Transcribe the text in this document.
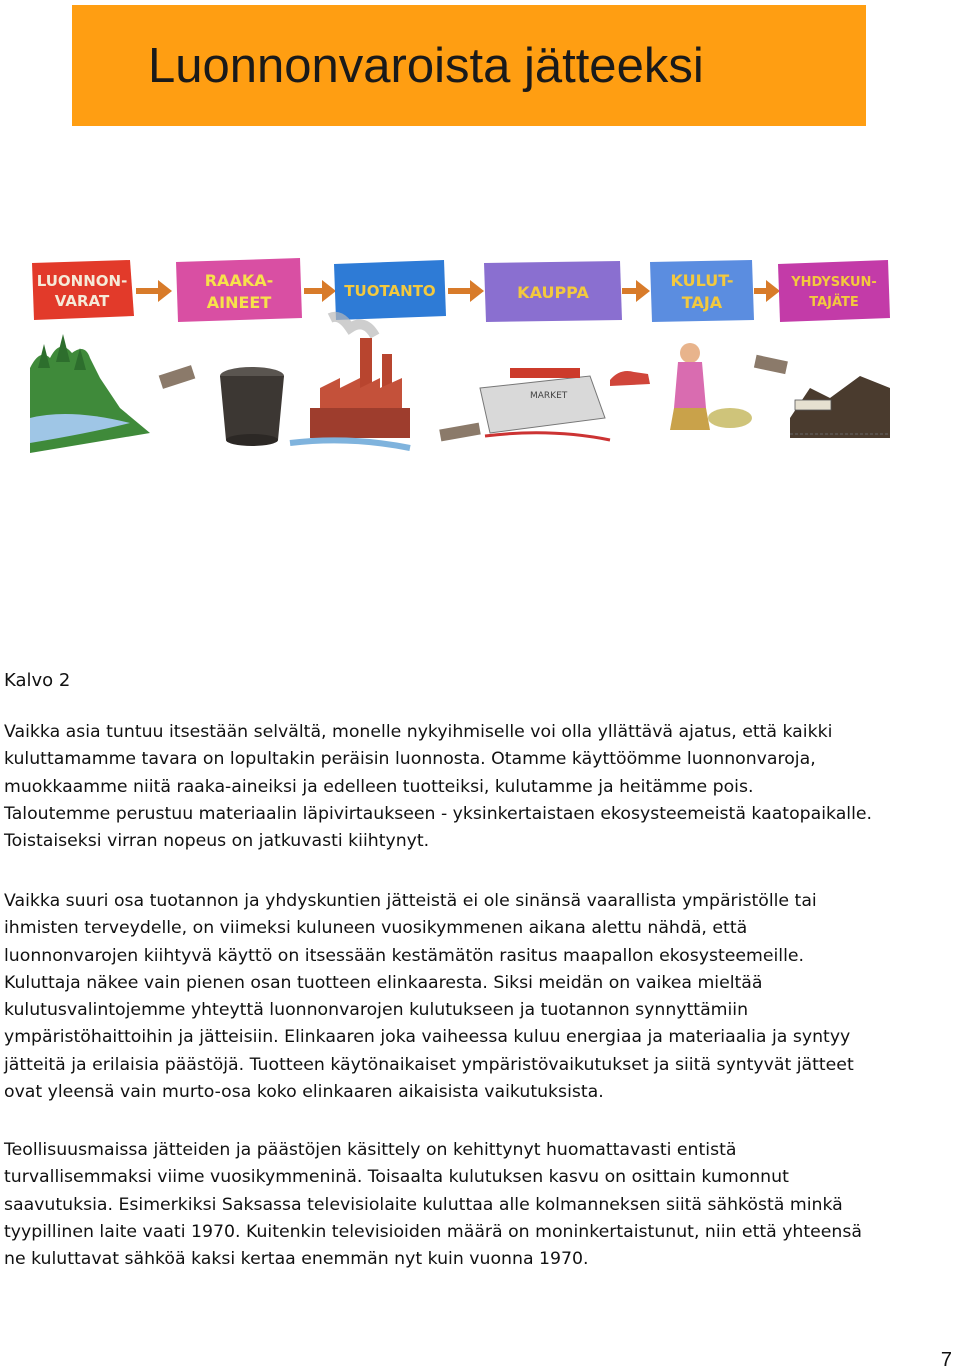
Luonnonvaroista jätteeksi
LUONNON-
VARAT
RAAKA-
AINEET
TUOTANTO	KAUPPA
KULUT-
TAJA
YHDYSKUN-
TAJÄTE
MARKET
Kalvo 2

Vaikka asia tuntuu itsestään selvältä, monelle nykyihmiselle voi olla yllättävä ajatus, että kaikki
kuluttamamme tavara on lopultakin peräisin luonnosta. Otamme käyttöömme luonnonvaroja,
muokkaamme niitä raaka-aineiksi ja edelleen tuotteiksi, kulutamme ja heitämme pois.
Taloutemme perustuu materiaalin läpivirtaukseen - yksinkertaistaen ekosysteemeistä kaatopaikalle.
Toistaiseksi virran nopeus on jatkuvasti kiihtynyt.

Vaikka suuri osa tuotannon ja yhdyskuntien jätteistä ei ole sinänsä vaarallista ympäristölle tai
ihmisten terveydelle, on viimeksi kuluneen vuosikymmenen aikana alettu nähdä, että
luonnonvarojen kiihtyvä käyttö on itsessään kestämätön rasitus maapallon ekosysteemeille.
Kuluttaja näkee vain pienen osan tuotteen elinkaaresta. Siksi meidän on vaikea mieltää
kulutusvalintojemme yhteyttä luonnonvarojen kulutukseen ja tuotannon synnyttämiin
ympäristöhaittoihin ja jätteisiin. Elinkaaren joka vaiheessa kuluu energiaa ja materiaalia ja syntyy
jätteitä ja erilaisia päästöjä. Tuotteen käytönaikaiset ympäristövaikutukset ja siitä syntyvät jätteet
ovat yleensä vain murto-osa koko elinkaaren aikaisista vaikutuksista.

Teollisuusmaissa jätteiden ja päästöjen käsittely on kehittynyt huomattavasti entistä
turvallisemmaksi viime vuosikymmeninä. Toisaalta kulutuksen kasvu on osittain kumonnut
saavutuksia. Esimerkiksi Saksassa televisiolaite kuluttaa alle kolmanneksen siitä sähköstä minkä
tyypillinen laite vaati 1970. Kuitenkin televisioiden määrä on moninkertaistunut, niin että yhteensä
ne kuluttavat sähköä kaksi kertaa enemmän nyt kuin vuonna 1970.

7
